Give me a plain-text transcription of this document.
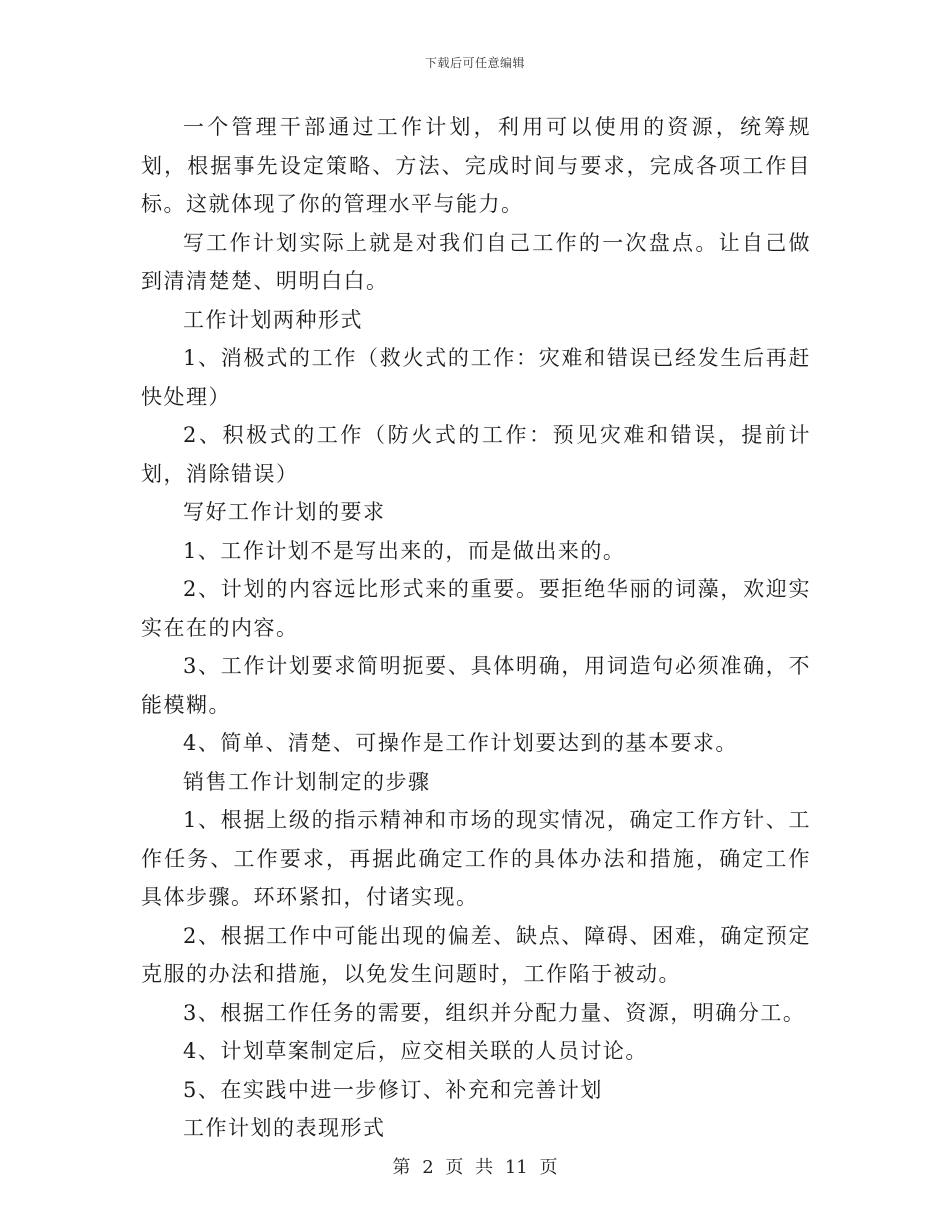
下载后可任意编辑

一个管理干部通过工作计划，利用可以使用的资源，统筹规划，根据事先设定策略、方法、完成时间与要求，完成各项工作目标。这就体现了你的管理水平与能力。

写工作计划实际上就是对我们自己工作的一次盘点。让自己做到清清楚楚、明明白白。

工作计划两种形式

1、消极式的工作（救火式的工作：灾难和错误已经发生后再赶快处理）

2、积极式的工作（防火式的工作：预见灾难和错误，提前计划，消除错误）

写好工作计划的要求

1、工作计划不是写出来的，而是做出来的。

2、计划的内容远比形式来的重要。要拒绝华丽的词藻，欢迎实实在在的内容。

3、工作计划要求简明扼要、具体明确，用词造句必须准确，不能模糊。

4、简单、清楚、可操作是工作计划要达到的基本要求。

销售工作计划制定的步骤

1、根据上级的指示精神和市场的现实情况，确定工作方针、工作任务、工作要求，再据此确定工作的具体办法和措施，确定工作具体步骤。环环紧扣，付诸实现。

2、根据工作中可能出现的偏差、缺点、障碍、困难，确定预定克服的办法和措施，以免发生问题时，工作陷于被动。

3、根据工作任务的需要，组织并分配力量、资源，明确分工。

4、计划草案制定后，应交相关联的人员讨论。

5、在实践中进一步修订、补充和完善计划

工作计划的表现形式

第 2 页 共 11 页
